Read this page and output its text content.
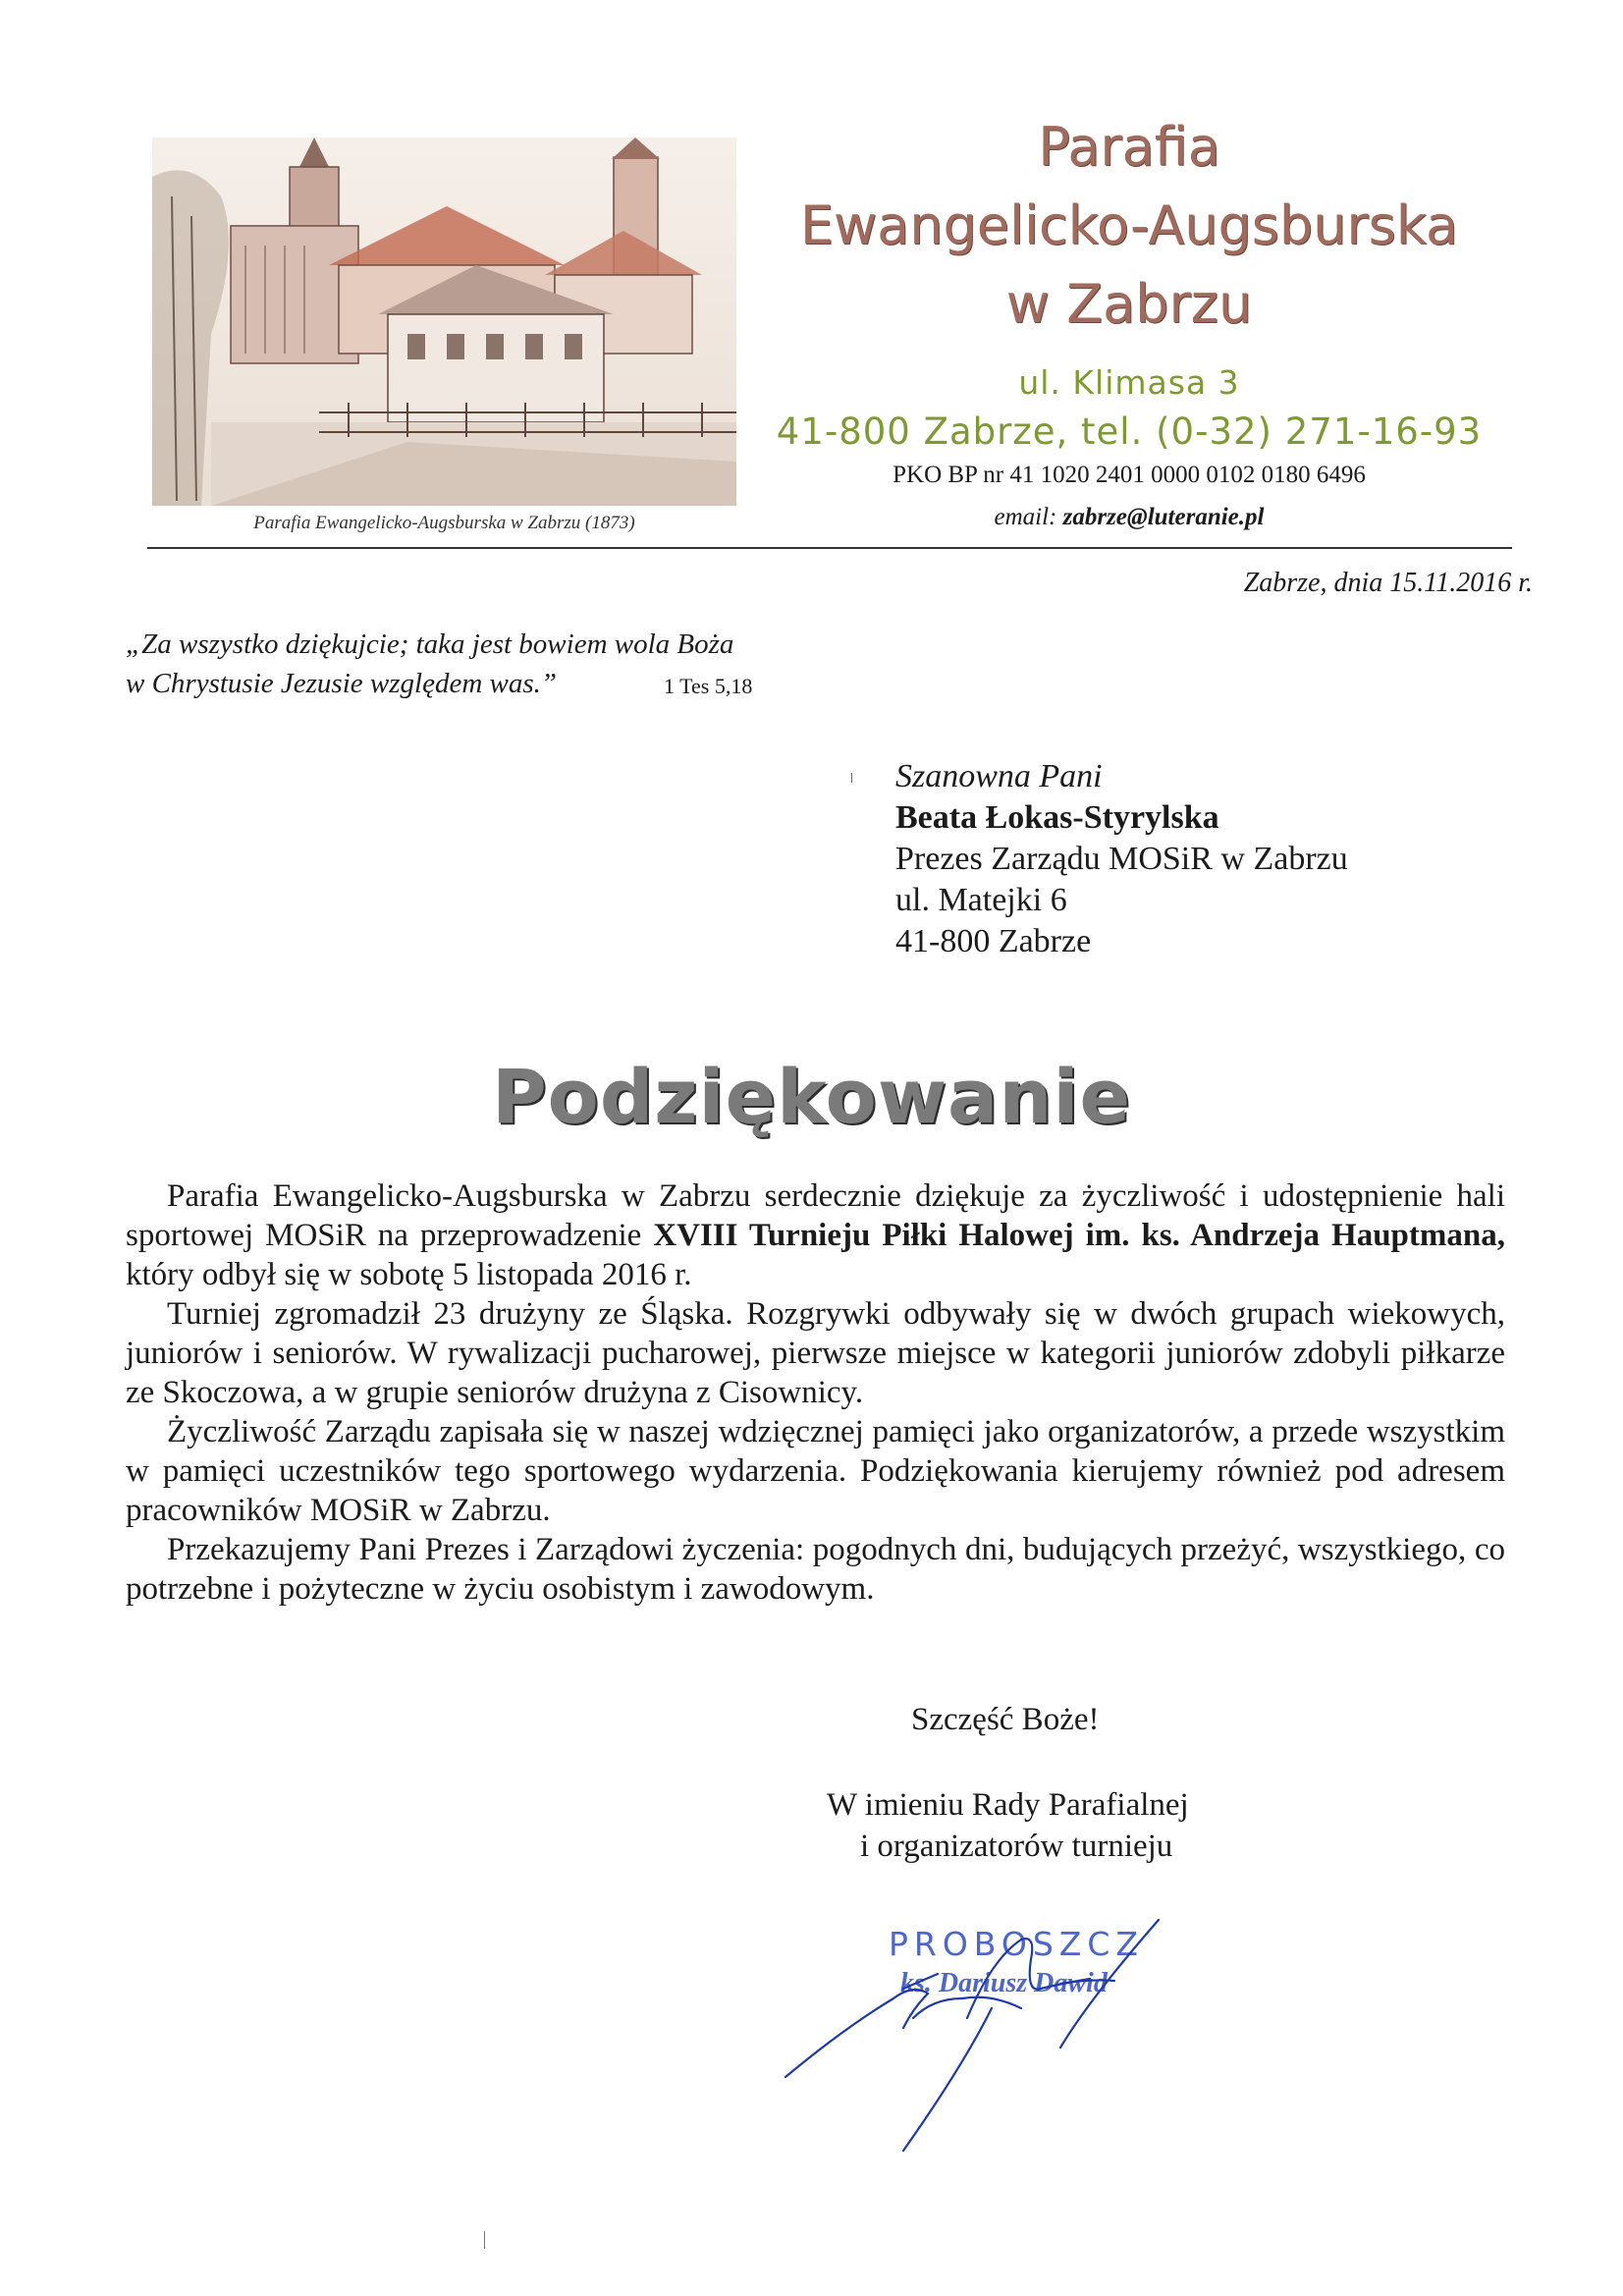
Parafia Ewangelicko-Augsburska w Zabrzu (1873)
Parafia
Ewangelicko-Augsburska
w Zabrzu
ul. Klimasa 3
41-800 Zabrze, tel. (0-32) 271-16-93
PKO BP nr 41 1020 2401 0000 0102 0180 6496
email: zabrze@luteranie.pl
Zabrze, dnia 15.11.2016 r.
„Za wszystko dziękujcie; taka jest bowiem wola Boża
w Chrystusie Jezusie względem was.”	1 Tes 5,18
Szanowna Pani
Beata Łokas-Styrylska
Prezes Zarządu MOSiR w Zabrzu
ul. Matejki 6
41-800 Zabrze
Podziękowanie

Parafia Ewangelicko-Augsburska w Zabrzu serdecznie dziękuje za życzliwość i udostępnienie hali sportowej MOSiR na przeprowadzenie XVIII Turnieju Piłki Halowej im. ks. Andrzeja Hauptmana, który odbył się w sobotę 5 listopada 2016 r.

Turniej zgromadził 23 drużyny ze Śląska. Rozgrywki odbywały się w dwóch grupach wiekowych, juniorów i seniorów. W rywalizacji pucharowej, pierwsze miejsce w kategorii juniorów zdobyli piłkarze ze Skoczowa, a w grupie seniorów drużyna z Cisownicy.

Życzliwość Zarządu zapisała się w naszej wdzięcznej pamięci jako organizatorów, a przede wszystkim w pamięci uczestników tego sportowego wydarzenia. Podziękowania kierujemy również pod adresem pracowników MOSiR w Zabrzu.

Przekazujemy Pani Prezes i Zarządowi życzenia: pogodnych dni, budujących przeżyć, wszystkiego, co potrzebne i pożyteczne w życiu osobistym i zawodowym.

Szczęść Boże!
W imieniu Rady Parafialnej
i organizatorów turnieju
PROBOSZCZ
ks. Dariusz Dawid
